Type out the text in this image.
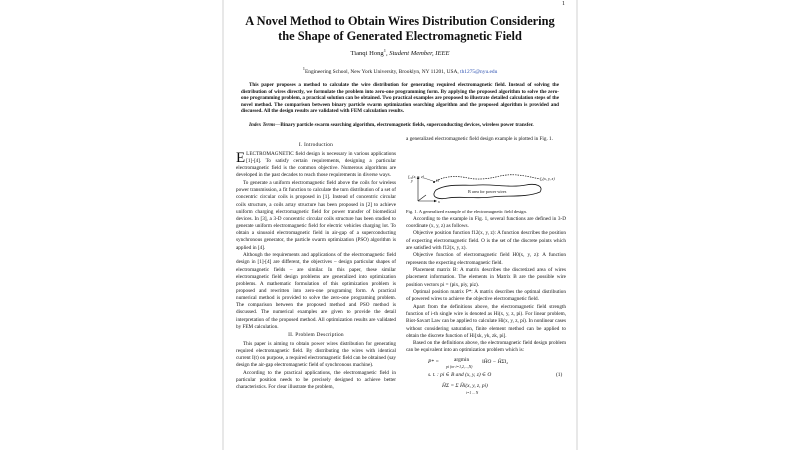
1
A Novel Method to Obtain Wires Distribution Considering the Shape of Generated Electromagnetic Field
Tianqi Hong$^1$, Student Member, IEEE
$^1$Engineering School, New York University, Brooklyn, NY 11201, USA, th1275@nyu.edu

This paper proposes a method to calculate the wire distribution for generating required electromagnetic field. Instead of solving the distribution of wires directly, we formulate the problem into zero-one programming form. By applying the proposed algorithm to solve the zero-one programming problem, a practical solution can be obtained. Two practical examples are proposed to illustrate detailed calculation steps of the novel method. The comparison between binary particle swarm optimization searching algorithm and the proposed algorithm is provided and discussed. All the design results are validated with FEM calculation results.

Index Terms—Binary particle swarm searching algorithm, electromagnetic fields, superconducting devices, wireless power transfer.
I. Introduction

ELECTROMAGNETIC field design is necessary in various applications [1]-[4]. To satisfy certain requirements, designing a particular electromagnetic field is the common objective. Numerous algorithms are developed in the past decades to reach those requirements in diverse ways.

To generate a uniform electromagnetic field above the coils for wireless power transmission, a fit function to calculate the turn distribution of a set of concentric circular coils is proposed in [1]. Instead of concentric circular coils structure, a coils array structure has been proposed in [2] to achieve uniform charging electromagnetic field for power transfer of biomedical devices. In [3], a 3-D concentric circular coils structure has been studied to generate uniform electromagnetic field for electric vehicles charging lot. To obtain a sinusoid electromagnetic field in air-gap of a superconducting synchronous generator, the particle swarm optimization (PSO) algorithm is applied in [4].

Although the requirements and applications of the electromagnetic field design in [1]-[4] are different, the objectives – design particular shapes of electromagnetic fields – are similar. In this paper, these similar electromagnetic field design problems are generalized into optimization problems. A mathematic formulation of this optimization problem is proposed and rewritten into zero-one programing form. A practical numerical method is provided to solve the zero-one programing problem. The comparison between the proposed method and PSO method is discussed. The numerical examples are given to provide the detail interpretation of the proposed method. All optimization results are validated by FEM calculation.

II. Problem Description

This paper is aiming to obtain power wires distribution for generating required electromagnetic field. By distributing the wires with identical current I(t) on purpose, a required electromagnetic field can be obtained (say design the air-gap electromagnetic field of synchronous machine).

According to the practical applications, the electromagnetic field in particular position needs to be precisely designed to achieve better characteristics. For clear illustrate the problem,

a generalized electromagnetic field design example is plotted in Fig. 1.

f₁₂(x, y, z)	f₂(x, y, z)
O
B area for power wires
y
x

Fig. 1. A generalized example of the electromagnetic field design.

According to the example in Fig. 1, several functions are defined in 3-D coordinate (x, y, z) as follows.

Objective position function f12(x, y, z): A function describes the position of expecting electromagnetic field. O is the set of the discrete points which are satisfied with f12(x, y, z).

Objective function of electromagnetic field H0(x, y, z): A function represents the expecting electromagnetic field.

Placement matrix B: A matrix describes the discretized area of wires placement information. The elements in Matrix B are the possible wire position vectors pi = (pix, piy, piz).

Optimal position matrix P*: A matrix describes the optimal distribution of powered wires to achieve the objective electromagnetic field.

Apart from the definitions above, the electromagnetic field strength function of i-th single wire is denoted as Hi(x, y, z, pi). For linear problem, Biot-Savart Law can be applied to calculate Hi(x, y, z, pi). In nonlinear cases without considering saturation, finite element method can be applied to obtain the discrete function of Hi[xk, yk, zk, pi].

Based on the definitions above, the electromagnetic field design problem can be equivalent into an optimization problem which is:

P* =	argmin
pi (or i=1,2,...,N)
‖H̄O − H̄Σ‖₂
s. t. : pi ∈ B and (x, y, z) ∈ O	(1)
H̄Σ = Σ H̄i(x, y, z, pi)
i=1 ... N
